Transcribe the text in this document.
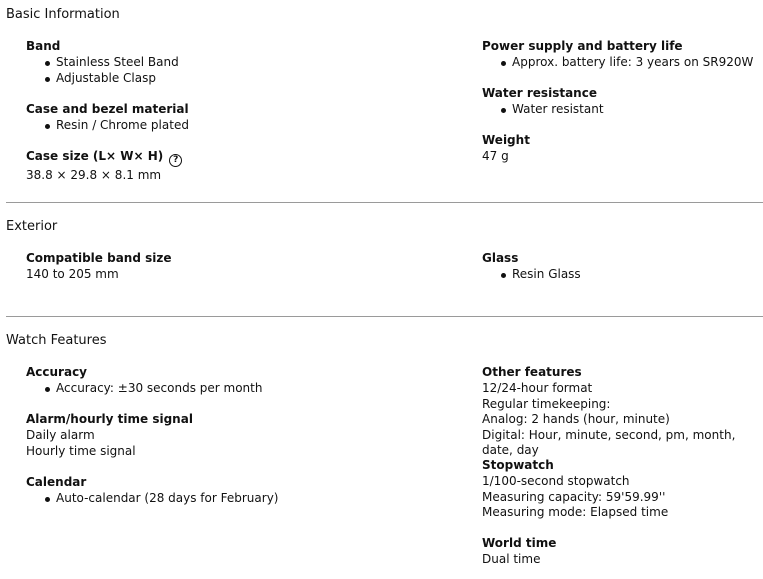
Basic Information
Band
Stainless Steel Band
Adjustable Clasp
Case and bezel material
Resin / Chrome plated
Case size (L× W× H) ?
38.8 × 29.8 × 8.1 mm
Power supply and battery life
Approx. battery life: 3 years on SR920W
Water resistance
Water resistant
Weight
47 g
Exterior
Compatible band size
140 to 205 mm
Glass
Resin Glass
Watch Features
Accuracy
Accuracy: ±30 seconds per month
Alarm/hourly time signal
Daily alarm
Hourly time signal
Calendar
Auto-calendar (28 days for February)
Other features
12/24-hour format
Regular timekeeping:
Analog: 2 hands (hour, minute)
Digital: Hour, minute, second, pm, month, date, day
Stopwatch
1/100-second stopwatch
Measuring capacity: 59'59.99''
Measuring mode: Elapsed time
World time
Dual time
